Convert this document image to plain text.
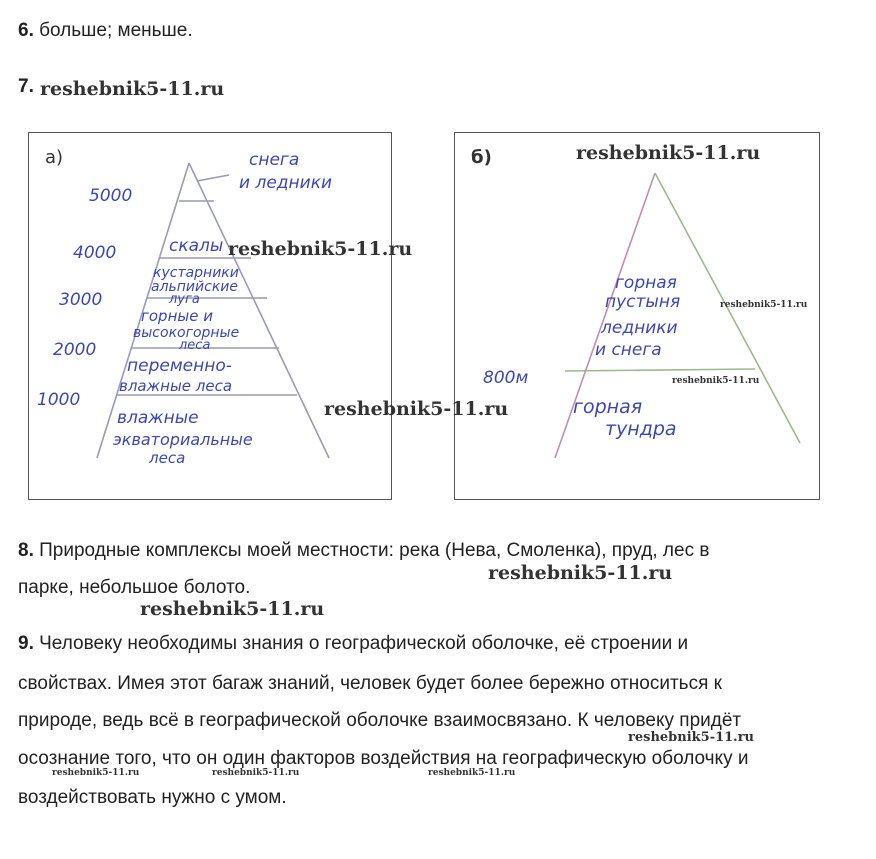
6. больше; меньше.
7. reshebnik5-11.ru
а)
5000
4000
3000
2000
1000
снега
и ледники
скалы
кустарники
альпийские
луга
горные и
высокогорные
леса
переменно-
влажные леса
влажные
экваториальные
леса
б)
800м
горная
пустыня
ледники
и снега
горная
тундра
reshebnik5-11.ru
reshebnik5-11.ru
reshebnik5-11.ru
reshebnik5-11.ru
reshebnik5-11.ru
8. Природные комплексы моей местности: река (Нева, Смоленка), пруд, лес в
парке, небольшое болото.
reshebnik5-11.ru
reshebnik5-11.ru
9. Человеку необходимы знания о географической оболочке, её строении и
свойствах. Имея этот багаж знаний, человек будет более бережно относиться к
природе, ведь всё в географической оболочке взаимосвязано. К человеку придёт
осознание того, что он один факторов воздействия на географическую оболочку и
воздействовать нужно с умом.
reshebnik5-11.ru
reshebnik5-11.ru	reshebnik5-11.ru	reshebnik5-11.ru
